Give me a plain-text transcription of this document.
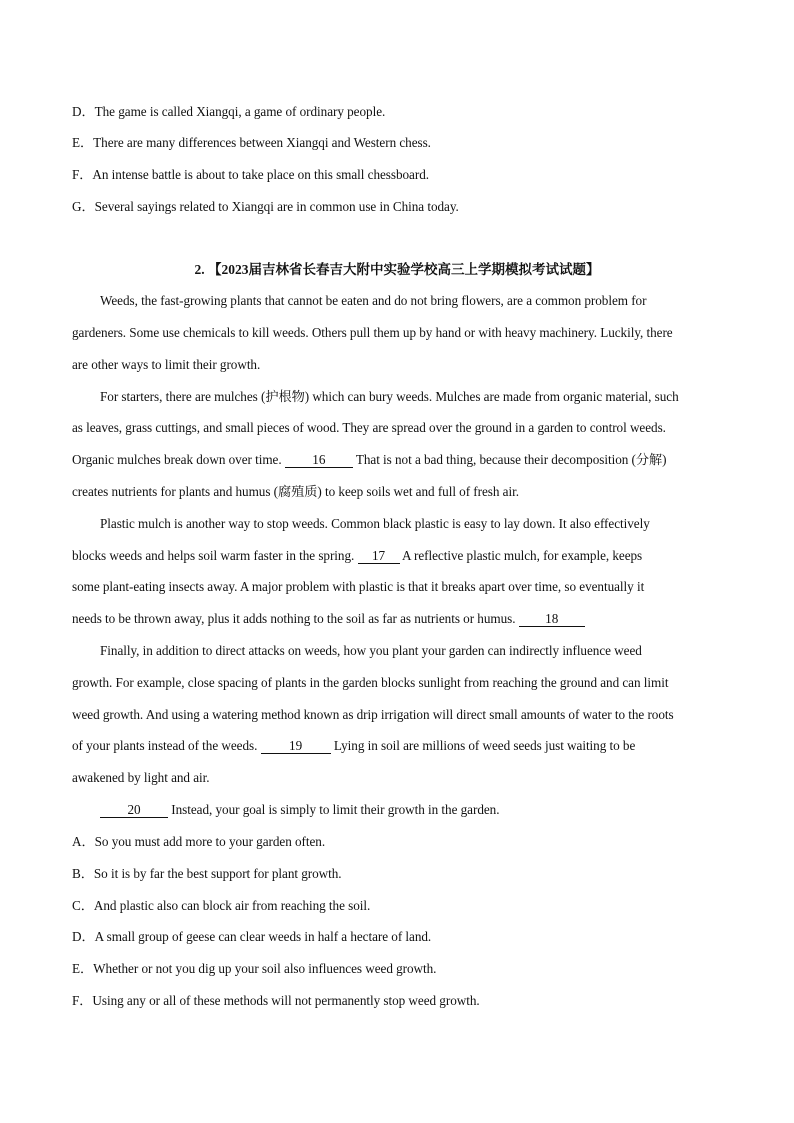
D．The game is called Xiangqi, a game of ordinary people.
E．There are many differences between Xiangqi and Western chess.
F．An intense battle is about to take place on this small chessboard.
G．Several sayings related to Xiangqi are in common use in China today.
2. 【2023届吉林省长春吉大附中实验学校高三上学期模拟考试试题】
Weeds, the fast-growing plants that cannot be eaten and do not bring flowers, are a common problem for
gardeners. Some use chemicals to kill weeds. Others pull them up by hand or with heavy machinery. Luckily, there
are other ways to limit their growth.
For starters, there are mulches (护根物) which can bury weeds. Mulches are made from organic material, such
as leaves, grass cuttings, and small pieces of wood. They are spread over the ground in a garden to control weeds.
Organic mulches break down over time. 16 That is not a bad thing, because their decomposition (分解)
creates nutrients for plants and humus (腐殖质) to keep soils wet and full of fresh air.
Plastic mulch is another way to stop weeds. Common black plastic is easy to lay down. It also effectively
blocks weeds and helps soil warm faster in the spring. 17 A reflective plastic mulch, for example, keeps
some plant-eating insects away. A major problem with plastic is that it breaks apart over time, so eventually it
needs to be thrown away, plus it adds nothing to the soil as far as nutrients or humus. 18
Finally, in addition to direct attacks on weeds, how you plant your garden can indirectly influence weed
growth. For example, close spacing of plants in the garden blocks sunlight from reaching the ground and can limit
weed growth. And using a watering method known as drip irrigation will direct small amounts of water to the roots
of your plants instead of the weeds. 19 Lying in soil are millions of weed seeds just waiting to be
awakened by light and air.
20 Instead, your goal is simply to limit their growth in the garden.
A．So you must add more to your garden often.
B．So it is by far the best support for plant growth.
C．And plastic also can block air from reaching the soil.
D．A small group of geese can clear weeds in half a hectare of land.
E．Whether or not you dig up your soil also influences weed growth.
F．Using any or all of these methods will not permanently stop weed growth.
